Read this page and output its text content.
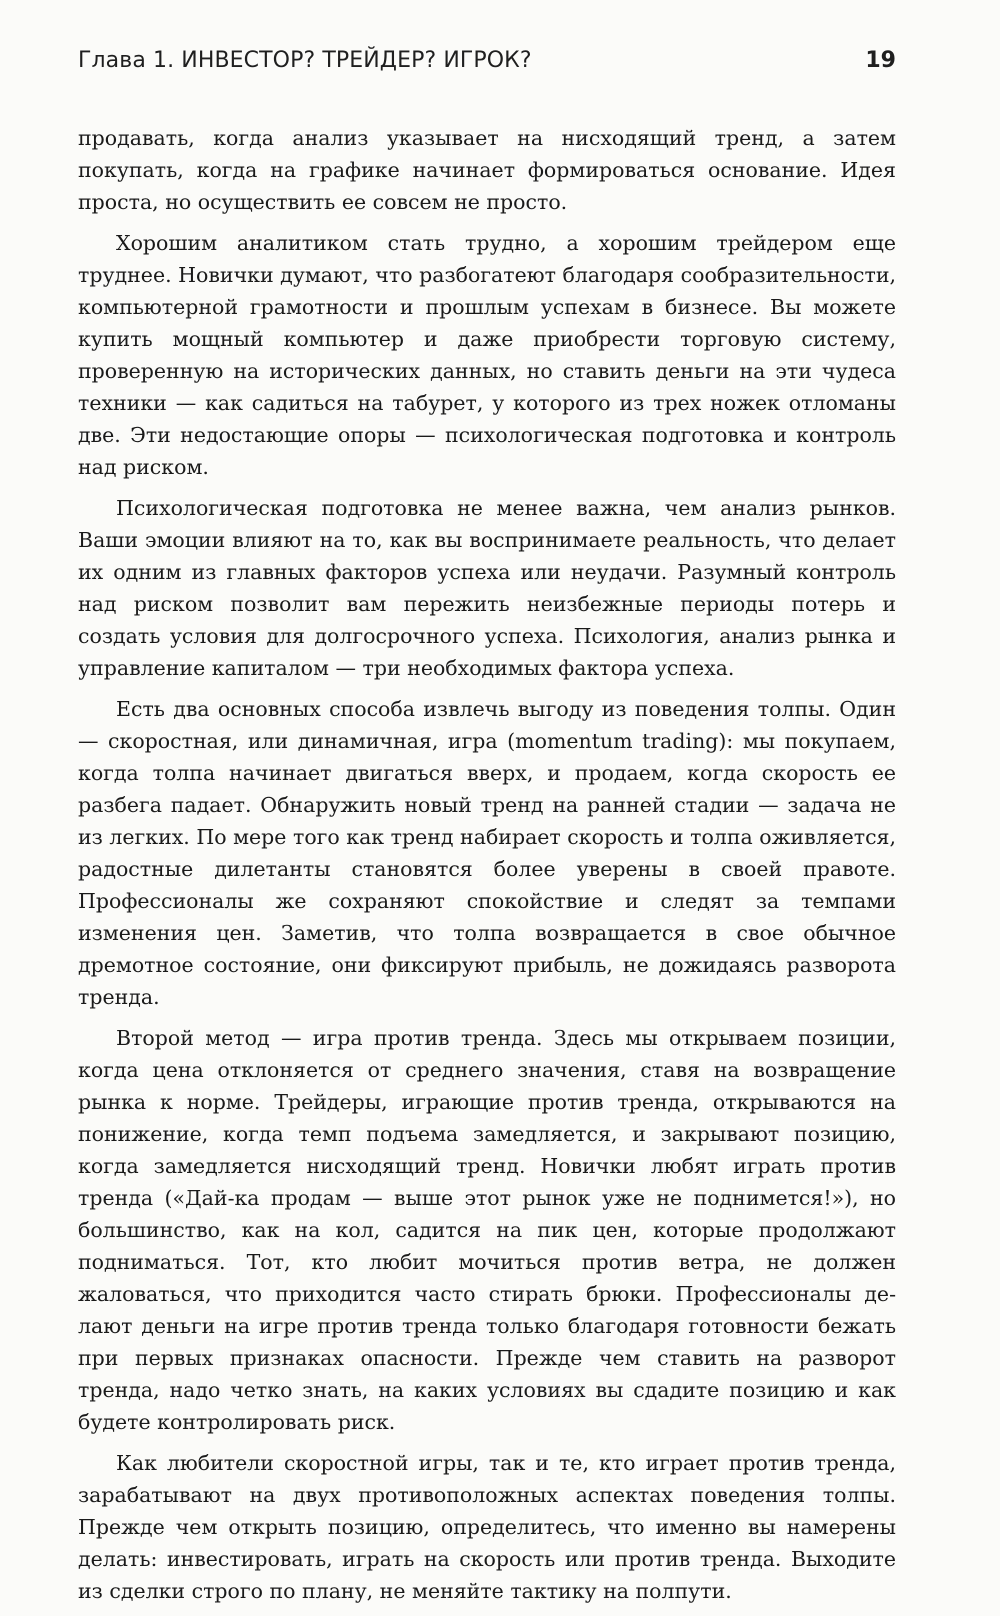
Глава 1. ИНВЕСТОР? ТРЕЙДЕР? ИГРОК?	19

продавать, когда анализ указывает на нисходящий тренд, а затем покупать, когда на графике начинает формироваться основание. Идея проста, но осуществить ее совсем не просто.

Хорошим аналитиком стать трудно, а хорошим трейдером еще труднее. Новички думают, что разбогатеют благодаря сообразительности, компьютерной грамотности и прошлым успехам в бизнесе. Вы можете купить мощный компьютер и даже приобрести торговую систему, проверенную на исторических данных, но ставить деньги на эти чудеса техники — как садиться на табурет, у которого из трех ножек отломаны две. Эти недостающие опоры — психологическая подготовка и контроль над риском.

Психологическая подготовка не менее важна, чем анализ рынков. Ваши эмоции влияют на то, как вы воспринимаете реальность, что делает их одним из главных факторов успеха или неудачи. Разумный контроль над риском позволит вам пережить неизбежные периоды потерь и создать условия для долгосрочного успеха. Психология, анализ рынка и управление капиталом — три необходимых фактора успеха.

Есть два основных способа извлечь выгоду из поведения толпы. Один — скоростная, или динамичная, игра (momentum trading): мы покупаем, когда толпа начинает двигаться вверх, и продаем, когда скорость ее разбега падает. Обнаружить новый тренд на ранней стадии — задача не из легких. По мере того как тренд набирает скорость и толпа оживляется, радостные дилетанты становятся более уверены в своей правоте. Профессионалы же сохраняют спокойствие и следят за темпами изменения цен. Заметив, что толпа возвращается в свое обычное дремотное состояние, они фиксируют прибыль, не дожидаясь разворота тренда.

Второй метод — игра против тренда. Здесь мы открываем позиции, когда цена отклоняется от среднего значения, ставя на возвращение рынка к норме. Трейдеры, играющие против тренда, открываются на понижение, когда темп подъема замедляется, и закрывают позицию, когда замедляется нисходящий тренд. Новички любят играть против тренда («Дай-ка продам — выше этот рынок уже не поднимется!»), но большинство, как на кол, садится на пик цен, которые продолжают подниматься. Тот, кто любит мочиться против ветра, не должен жаловаться, что приходится часто стирать брюки. Профессионалы делают деньги на игре против тренда только благодаря готовности бежать при первых признаках опасности. Прежде чем ставить на разворот тренда, надо четко знать, на каких условиях вы сдадите позицию и как будете контролировать риск.

Как любители скоростной игры, так и те, кто играет против тренда, зарабатывают на двух противоположных аспектах поведения толпы. Прежде чем открыть позицию, определитесь, что именно вы намерены делать: инвестировать, играть на скорость или против тренда. Выходите из сделки строго по плану, не меняйте тактику на полпути.
